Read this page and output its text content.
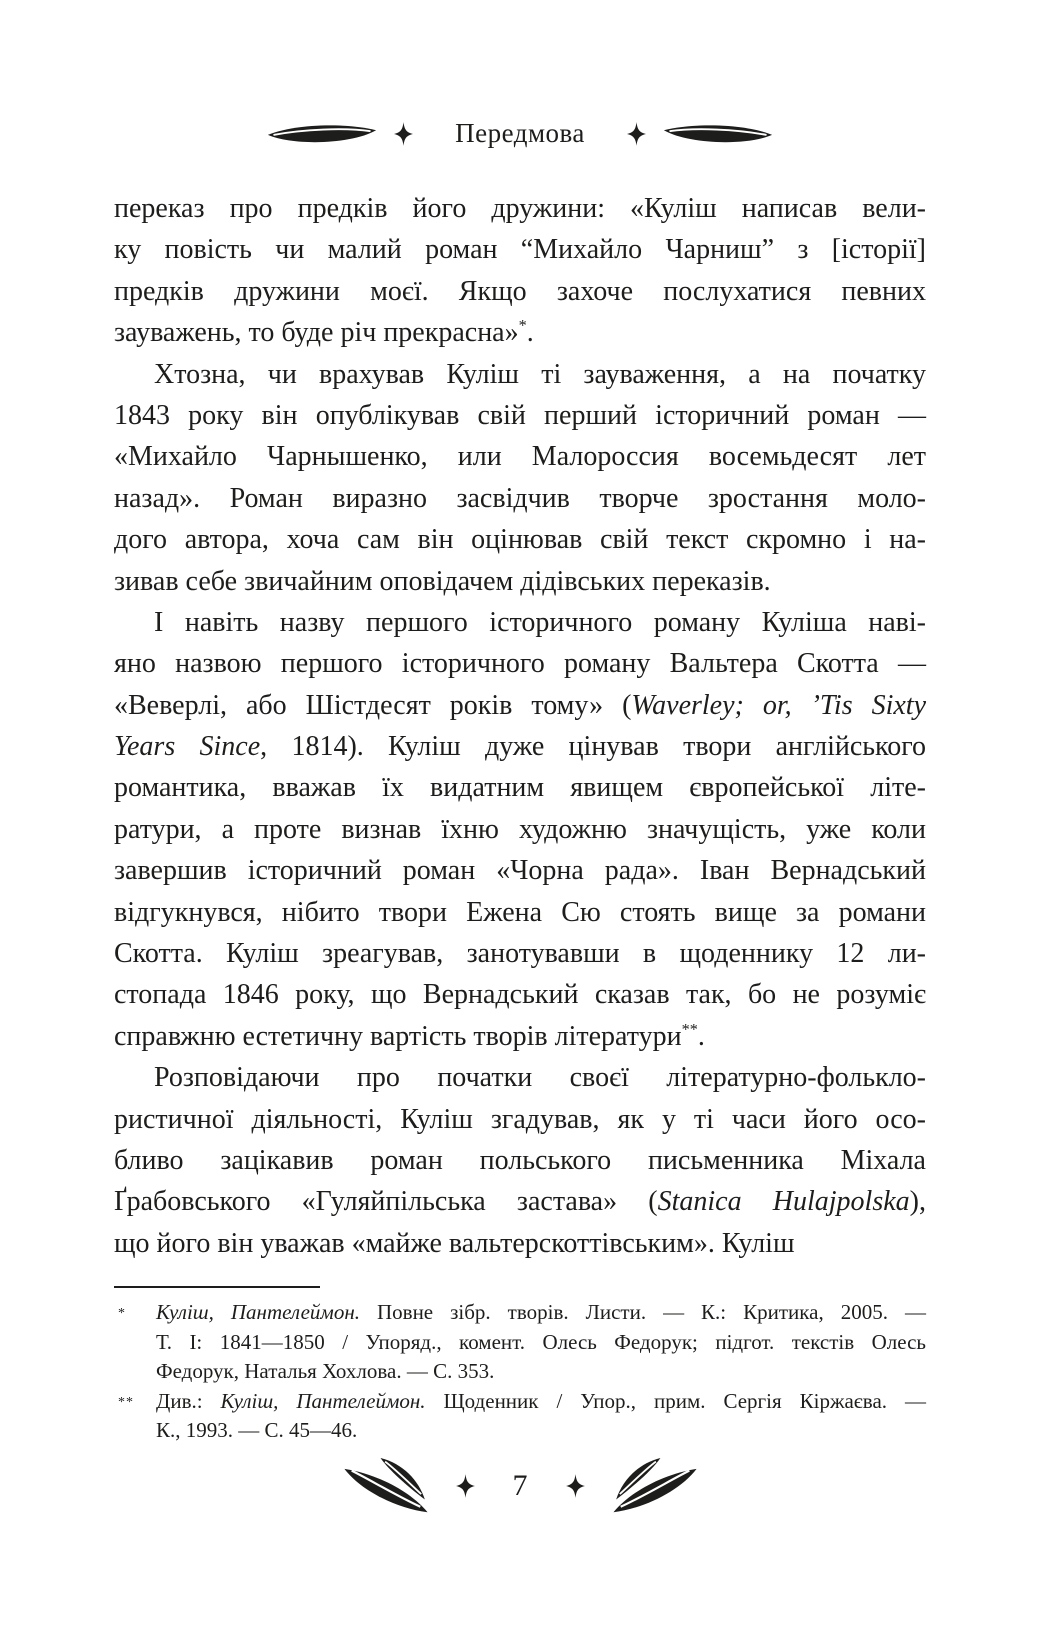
Передмова
переказ про предків його дружини: «Куліш написав вели-
ку повість чи малий роман “Михайло Чарниш” з [історії]
предків дружини моєї. Якщо захоче послухатися певних
зауважень, то буде річ прекрасна»*.
Хтозна, чи врахував Куліш ті зауваження, а на початку
1843 року він опублікував свій перший історичний роман —
«Михайло Чарнышенко, или Малороссия восемьдесят лет
назад». Роман виразно засвідчив творче зростання моло-
дого автора, хоча сам він оцінював свій текст скромно і на-
зивав себе звичайним оповідачем дідівських переказів.
І навіть назву першого історичного роману Куліша наві-
яно назвою першого історичного роману Вальтера Скотта —
«Веверлі, або Шістдесят років тому» (Waverley; or, ’Tis Sixty
Years Since, 1814). Куліш дуже цінував твори англійського
романтика, вважав їх видатним явищем європейської літе-
ратури, а проте визнав їхню художню значущість, уже коли
завершив історичний роман «Чорна рада». Іван Вернадський
відгукнувся, нібито твори Ежена Сю стоять вище за романи
Скотта. Куліш зреагував, занотувавши в щоденнику 12 ли-
стопада 1846 року, що Вернадський сказав так, бо не розуміє
справжню естетичну вартість творів літератури**.
Розповідаючи про початки своєї літературно-фолькло-
ристичної діяльності, Куліш згадував, як у ті часи його осо-
бливо зацікавив роман польського письменника Міхала
Ґрабовського «Гуляйпільська застава» (Stanica Hulajpolska),
що його він уважав «майже вальтерскоттівським». Куліш
* Куліш, Пантелеймон. Повне зібр. творів. Листи. — К.: Критика, 2005. —
Т. І: 1841—1850 / Упоряд., комент. Олесь Федорук; підгот. текстів Олесь
Федорук, Наталья Хохлова. — С. 353.
** Див.: Куліш, Пантелеймон. Щоденник / Упор., прим. Сергія Кіржаєва. —
К., 1993. — С. 45—46.
7
